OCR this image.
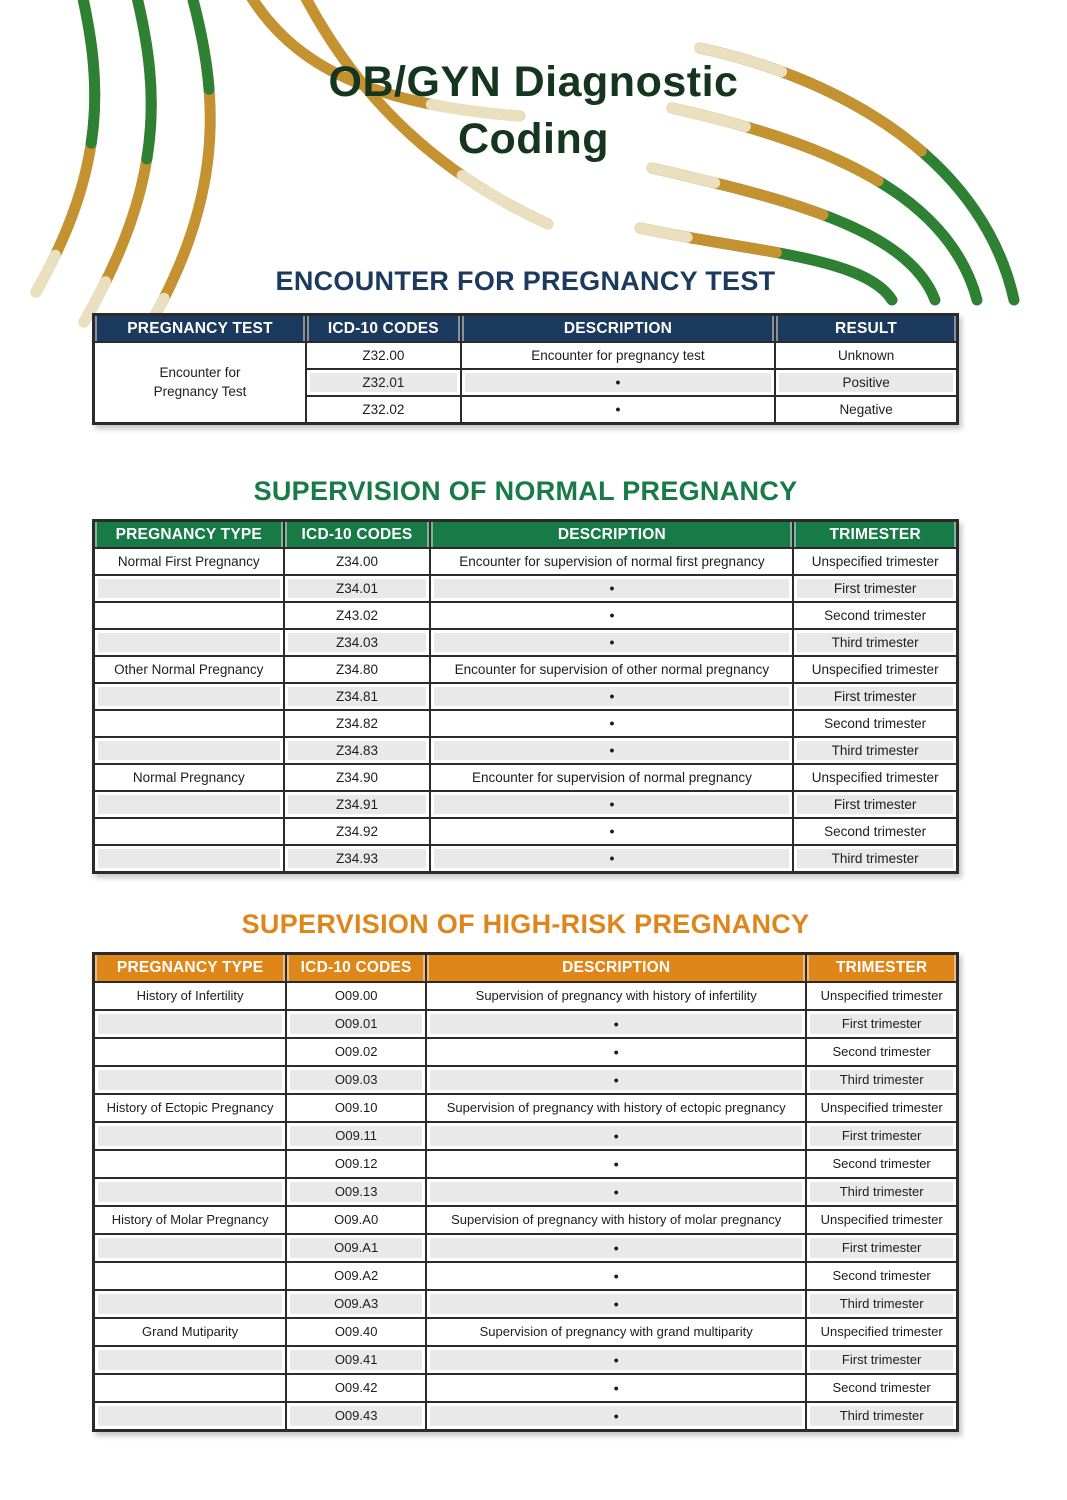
OB/GYN Diagnostic
Coding
ENCOUNTER FOR PREGNANCY TEST
PREGNANCY TEST	ICD-10 CODES	DESCRIPTION	RESULT
Encounter for Pregnancy Test	Z32.00	Encounter for pregnancy test	Unknown
	Z32.01	•	Positive
	Z32.02	•	Negative
SUPERVISION OF NORMAL PREGNANCY
PREGNANCY TYPE	ICD-10 CODES	DESCRIPTION	TRIMESTER
Normal First Pregnancy	Z34.00	Encounter for supervision of normal first pregnancy	Unspecified trimester
	Z34.01	•	First trimester
	Z43.02	•	Second trimester
	Z34.03	•	Third trimester
Other Normal Pregnancy	Z34.80	Encounter for supervision of other normal pregnancy	Unspecified trimester
	Z34.81	•	First trimester
	Z34.82	•	Second trimester
	Z34.83	•	Third trimester
Normal Pregnancy	Z34.90	Encounter for supervision of normal pregnancy	Unspecified trimester
	Z34.91	•	First trimester
	Z34.92	•	Second trimester
	Z34.93	•	Third trimester
SUPERVISION OF HIGH-RISK PREGNANCY
PREGNANCY TYPE	ICD-10 CODES	DESCRIPTION	TRIMESTER
History of Infertility	O09.00	Supervision of pregnancy with history of infertility	Unspecified trimester
	O09.01	•	First trimester
	O09.02	•	Second trimester
	O09.03	•	Third trimester
History of Ectopic Pregnancy	O09.10	Supervision of pregnancy with history of ectopic pregnancy	Unspecified trimester
	O09.11	•	First trimester
	O09.12	•	Second trimester
	O09.13	•	Third trimester
History of Molar Pregnancy	O09.A0	Supervision of pregnancy with history of molar pregnancy	Unspecified trimester
	O09.A1	•	First trimester
	O09.A2	•	Second trimester
	O09.A3	•	Third trimester
Grand Mutiparity	O09.40	Supervision of pregnancy with grand multiparity	Unspecified trimester
	O09.41	•	First trimester
	O09.42	•	Second trimester
	O09.43	•	Third trimester
